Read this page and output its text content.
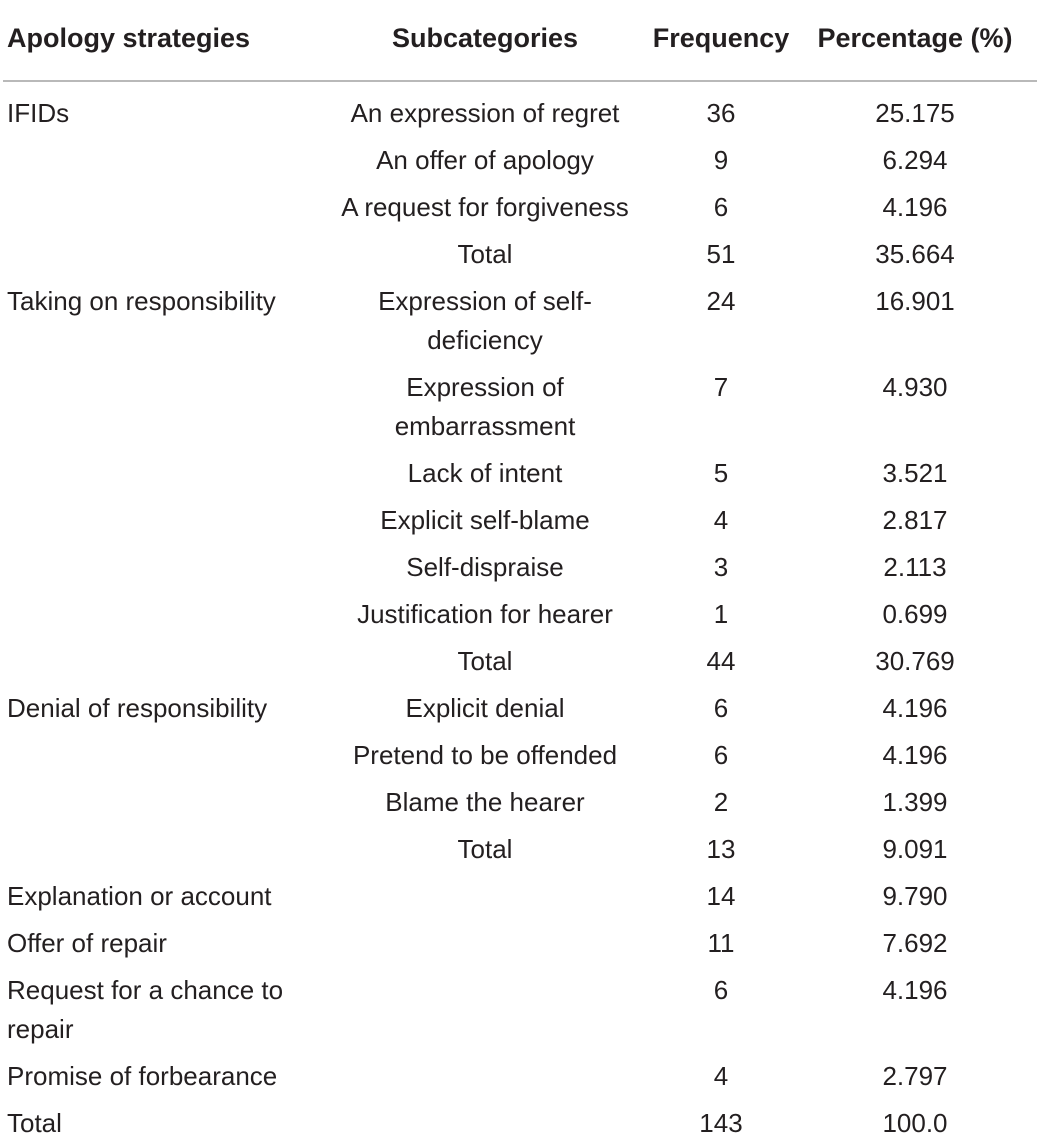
Apology strategies	Subcategories	Frequency	Percentage (%)
IFIDs	An expression of regret	36	25.175
	An offer of apology	9	6.294
	A request for forgiveness	6	4.196
	Total	51	35.664
Taking on responsibility	Expression of self-deficiency	24	16.901
	Expression of embarrassment	7	4.930
	Lack of intent	5	3.521
	Explicit self-blame	4	2.817
	Self-dispraise	3	2.113
	Justification for hearer	1	0.699
	Total	44	30.769
Denial of responsibility	Explicit denial	6	4.196
	Pretend to be offended	6	4.196
	Blame the hearer	2	1.399
	Total	13	9.091
Explanation or account		14	9.790
Offer of repair		11	7.692
Request for a chance to repair		6	4.196
Promise of forbearance		4	2.797
Total		143	100.0
